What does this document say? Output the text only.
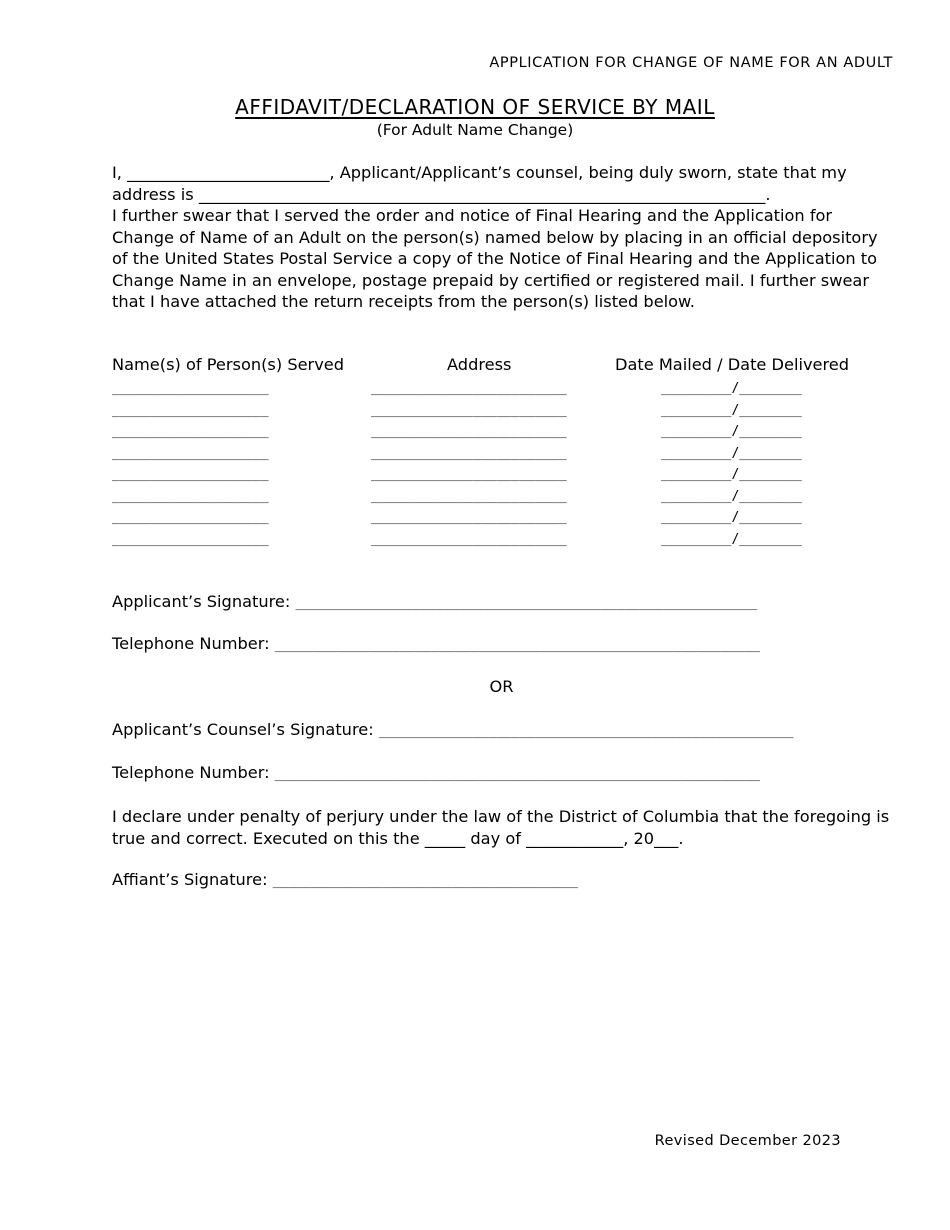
APPLICATION FOR CHANGE OF NAME FOR AN ADULT
AFFIDAVIT/DECLARATION OF SERVICE BY MAIL
(For Adult Name Change)
I, _________________________, Applicant/Applicant’s counsel, being duly sworn, state that my
address is ______________________________________________________________________.
I further swear that I served the order and notice of Final Hearing and the Application for
Change of Name of an Adult on the person(s) named below by placing in an official depository
of the United States Postal Service a copy of the Notice of Final Hearing and the Application to
Change Name in an envelope, postage prepaid by certified or registered mail. I further swear
that I have attached the return receipts from the person(s) listed below.
Name(s) of Person(s) Served	Address	Date Mailed / Date Delivered
____________________	_________________________	_________/________
____________________	_________________________	_________/________
____________________	_________________________	_________/________
____________________	_________________________	_________/________
____________________	_________________________	_________/________
____________________	_________________________	_________/________
____________________	_________________________	_________/________
____________________	_________________________	_________/________
Applicant’s Signature: ___________________________________________________________
Telephone Number: ______________________________________________________________
OR
Applicant’s Counsel’s Signature: _____________________________________________________
Telephone Number: ______________________________________________________________
I declare under penalty of perjury under the law of the District of Columbia that the foregoing is
true and correct. Executed on this the _____ day of ____________, 20___.
Affiant’s Signature: _______________________________________
Revised December 2023
